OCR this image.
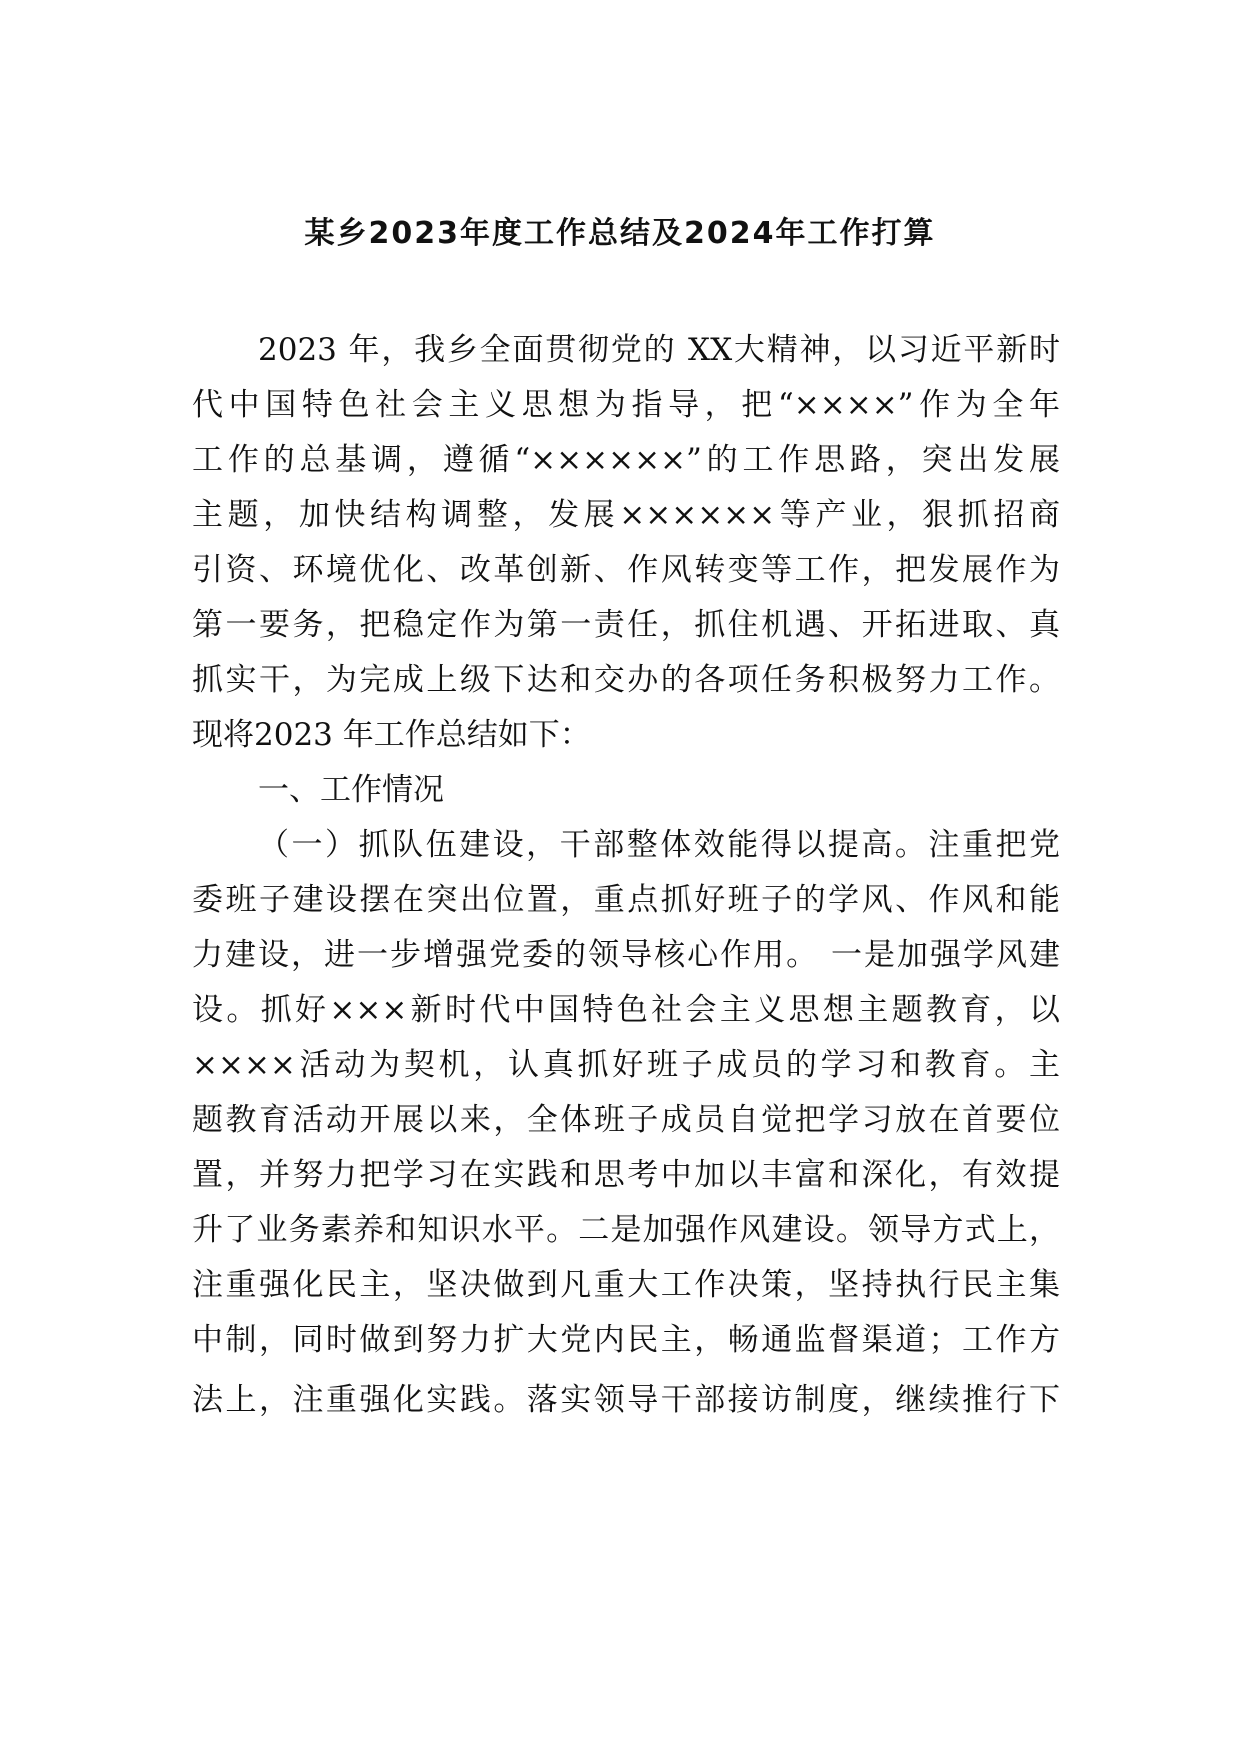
某乡2023年度工作总结及2024年工作打算
2023 年，我乡全面贯彻党的 XX大精神，以习近平新时
代中国特色社会主义思想为指导，把“××××”作为全年
工作的总基调，遵循“××××××”的工作思路，突出发展
主题，加快结构调整，发展××××××等产业，狠抓招商
引资、环境优化、改革创新、作风转变等工作，把发展作为
第一要务，把稳定作为第一责任，抓住机遇、开拓进取、真
抓实干，为完成上级下达和交办的各项任务积极努力工作。
现将2023 年工作总结如下：
一、工作情况
（一）抓队伍建设，干部整体效能得以提高。注重把党
委班子建设摆在突出位置，重点抓好班子的学风、作风和能
力建设，进一步增强党委的领导核心作用。 一是加强学风建
设。抓好×××新时代中国特色社会主义思想主题教育，以
××××活动为契机，认真抓好班子成员的学习和教育。主
题教育活动开展以来，全体班子成员自觉把学习放在首要位
置，并努力把学习在实践和思考中加以丰富和深化，有效提
升了业务素养和知识水平。二是加强作风建设。领导方式上，
注重强化民主，坚决做到凡重大工作决策，坚持执行民主集
中制，同时做到努力扩大党内民主，畅通监督渠道；工作方
法上，注重强化实践。落实领导干部接访制度，继续推行下
